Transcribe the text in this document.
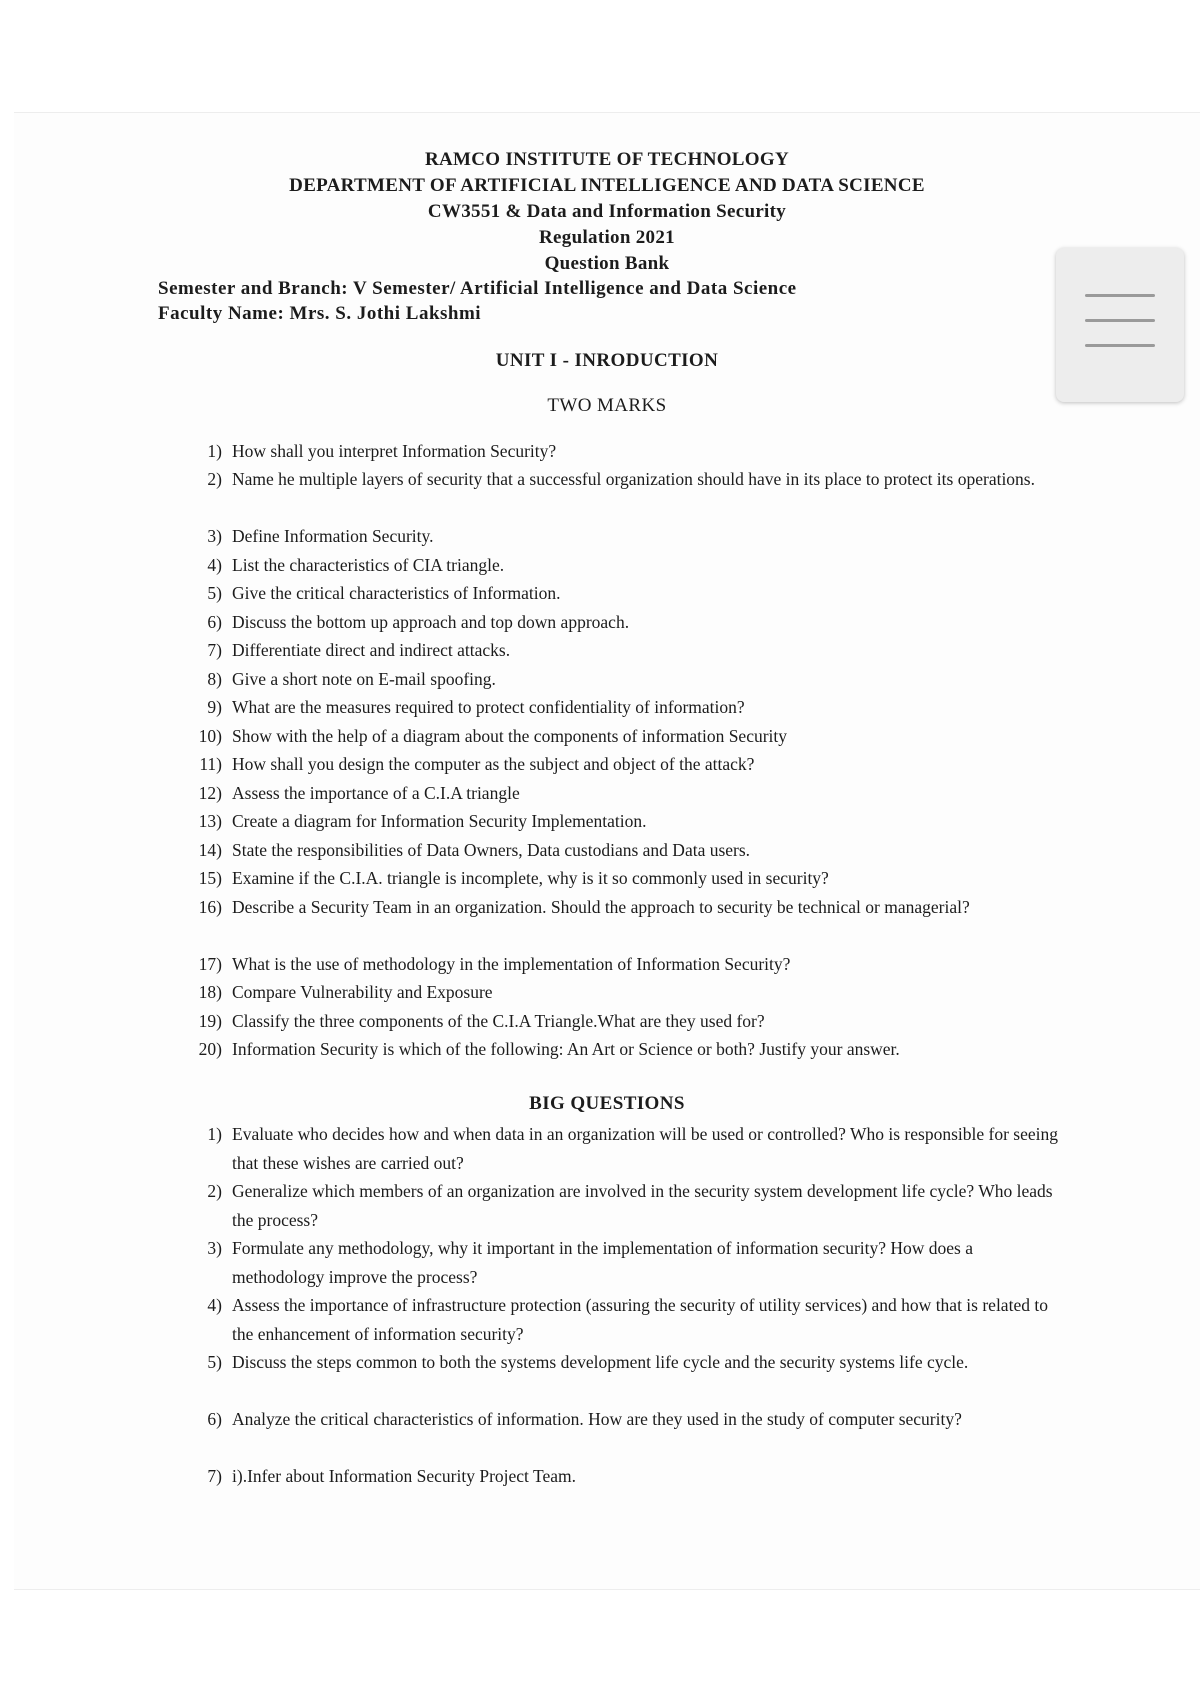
RAMCO INSTITUTE OF TECHNOLOGY
DEPARTMENT OF ARTIFICIAL INTELLIGENCE AND DATA SCIENCE
CW3551 & Data and Information Security
Regulation 2021
Question Bank
Semester and Branch: V Semester/ Artificial Intelligence and Data Science
Faculty Name: Mrs. S. Jothi Lakshmi
UNIT I - INRODUCTION
TWO MARKS
1) How shall you interpret Information Security?
2) Name he multiple layers of security that a successful organization should have in its place to protect its operations.
3) Define Information Security.
4) List the characteristics of CIA triangle.
5) Give the critical characteristics of Information.
6) Discuss the bottom up approach and top down approach.
7) Differentiate direct and indirect attacks.
8) Give a short note on E-mail spoofing.
9) What are the measures required to protect confidentiality of information?
10) Show with the help of a diagram about the components of information Security
11) How shall you design the computer as the subject and object of the attack?
12) Assess the importance of a C.I.A triangle
13) Create a diagram for Information Security Implementation.
14) State the responsibilities of Data Owners, Data custodians and Data users.
15) Examine if the C.I.A. triangle is incomplete, why is it so commonly used in security?
16) Describe a Security Team in an organization. Should the approach to security be technical or managerial?
17) What is the use of methodology in the implementation of Information Security?
18) Compare Vulnerability and Exposure
19) Classify the three components of the C.I.A Triangle.What are they used for?
20) Information Security is which of the following: An Art or Science or both? Justify your answer.
BIG QUESTIONS
1) Evaluate who decides how and when data in an organization will be used or controlled? Who is responsible for seeing that these wishes are carried out?
2) Generalize which members of an organization are involved in the security system development life cycle? Who leads the process?
3) Formulate any methodology, why it important in the implementation of information security? How does a methodology improve the process?
4) Assess the importance of infrastructure protection (assuring the security of utility services) and how that is related to the enhancement of information security?
5) Discuss the steps common to both the systems development life cycle and the security systems life cycle.
6) Analyze the critical characteristics of information. How are they used in the study of computer security?
7) i).Infer about Information Security Project Team.
